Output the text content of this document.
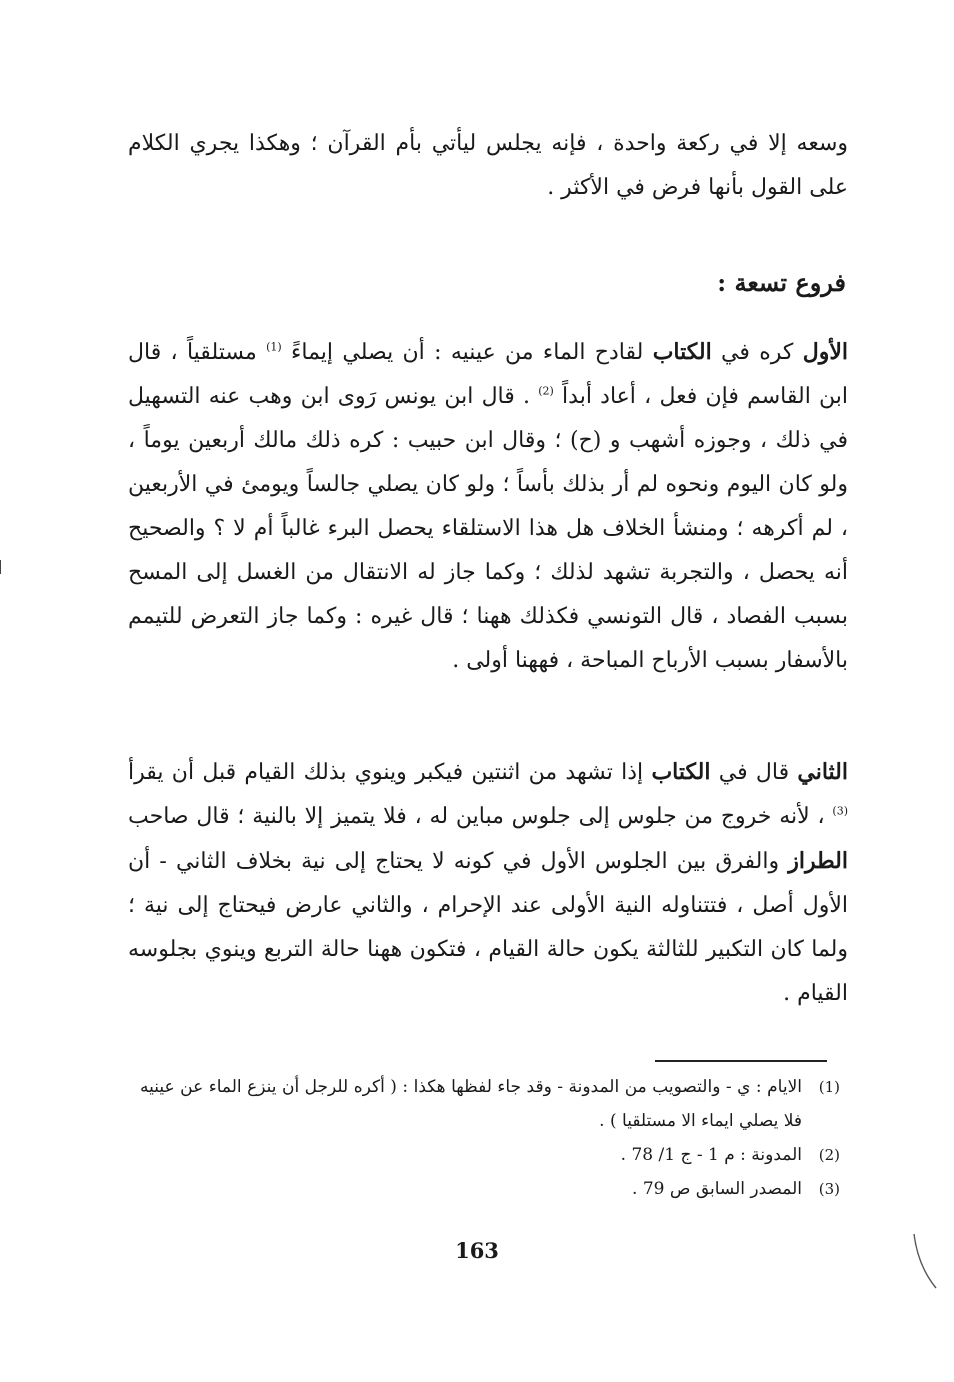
وسعه إلا في ركعة واحدة ، فإنه يجلس ليأتي بأم القرآن ؛ وهكذا يجري الكلام على القول بأنها فرض في الأكثر .

فروع تسعة :

الأول كره في الكتاب لقادح الماء من عينيه : أن يصلي إيماءً $^{(1)}$ مستلقياً ، قال ابن القاسم فإن فعل ، أعاد أبداً $^{(2)}$ . قال ابن يونس رَوى ابن وهب عنه التسهيل في ذلك ، وجوزه أشهب و (ح) ؛ وقال ابن حبيب : كره ذلك مالك أربعين يوماً ، ولو كان اليوم ونحوه لم أر بذلك بأساً ؛ ولو كان يصلي جالساً ويومئ في الأربعين ، لم أكرهه ؛ ومنشأ الخلاف هل هذا الاستلقاء يحصل البرء غالباً أم لا ؟ والصحيح أنه يحصل ، والتجربة تشهد لذلك ؛ وكما جاز له الانتقال من الغسل إلى المسح بسبب الفصاد ، قال التونسي فكذلك ههنا ؛ قال غيره : وكما جاز التعرض للتيمم بالأسفار بسبب الأرباح المباحة ، فههنا أولى .

الثاني قال في الكتاب إذا تشهد من اثنتين فيكبر وينوي بذلك القيام قبل أن يقرأ $^{(3)}$ ، لأنه خروج من جلوس إلى جلوس مباين له ، فلا يتميز إلا بالنية ؛ قال صاحب الطراز والفرق بين الجلوس الأول في كونه لا يحتاج إلى نية بخلاف الثاني - أن الأول أصل ، فتتناوله النية الأولى عند الإحرام ، والثاني عارض فيحتاج إلى نية ؛ ولما كان التكبير للثالثة يكون حالة القيام ، فتكون ههنا حالة التربع وينوي بجلوسه القيام .

(1)
الايام : ي - والتصويب من المدونة - وقد جاء لفظها هكذا : ( أكره للرجل أن ينزع الماء عن عينيه فلا يصلي ايماء الا مستلقيا ) .
(2)
المدونة : م 1 - ج 1/ 78 .
(3)
المصدر السابق ص 79 .
163
